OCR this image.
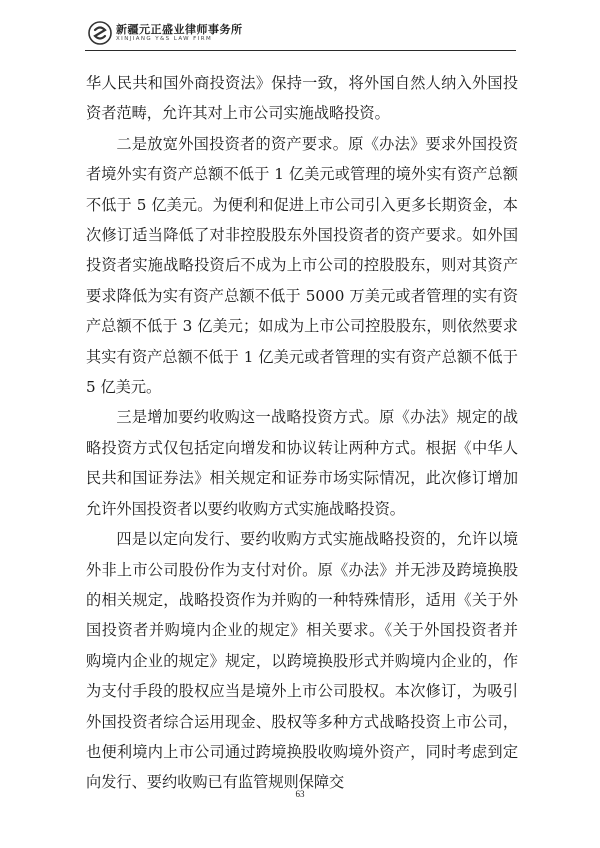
新疆元正盛业律师事务所
XINJIANG Y&S LAW FIRM

华人民共和国外商投资法》保持一致，将外国自然人纳入外国投资者范畴，允许其对上市公司实施战略投资。

二是放宽外国投资者的资产要求。原《办法》要求外国投资者境外实有资产总额不低于 1 亿美元或管理的境外实有资产总额不低于 5 亿美元。为便利和促进上市公司引入更多长期资金，本次修订适当降低了对非控股股东外国投资者的资产要求。如外国投资者实施战略投资后不成为上市公司的控股股东，则对其资产要求降低为实有资产总额不低于 5000 万美元或者管理的实有资产总额不低于 3 亿美元；如成为上市公司控股股东，则依然要求其实有资产总额不低于 1 亿美元或者管理的实有资产总额不低于 5 亿美元。

三是增加要约收购这一战略投资方式。原《办法》规定的战略投资方式仅包括定向增发和协议转让两种方式。根据《中华人民共和国证券法》相关规定和证券市场实际情况，此次修订增加允许外国投资者以要约收购方式实施战略投资。

四是以定向发行、要约收购方式实施战略投资的，允许以境外非上市公司股份作为支付对价。原《办法》并无涉及跨境换股的相关规定，战略投资作为并购的一种特殊情形，适用《关于外国投资者并购境内企业的规定》相关要求。《关于外国投资者并购境内企业的规定》规定，以跨境换股形式并购境内企业的，作为支付手段的股权应当是境外上市公司股权。本次修订，为吸引外国投资者综合运用现金、股权等多种方式战略投资上市公司，也便利境内上市公司通过跨境换股收购境外资产，同时考虑到定向发行、要约收购已有监管规则保障交

63
